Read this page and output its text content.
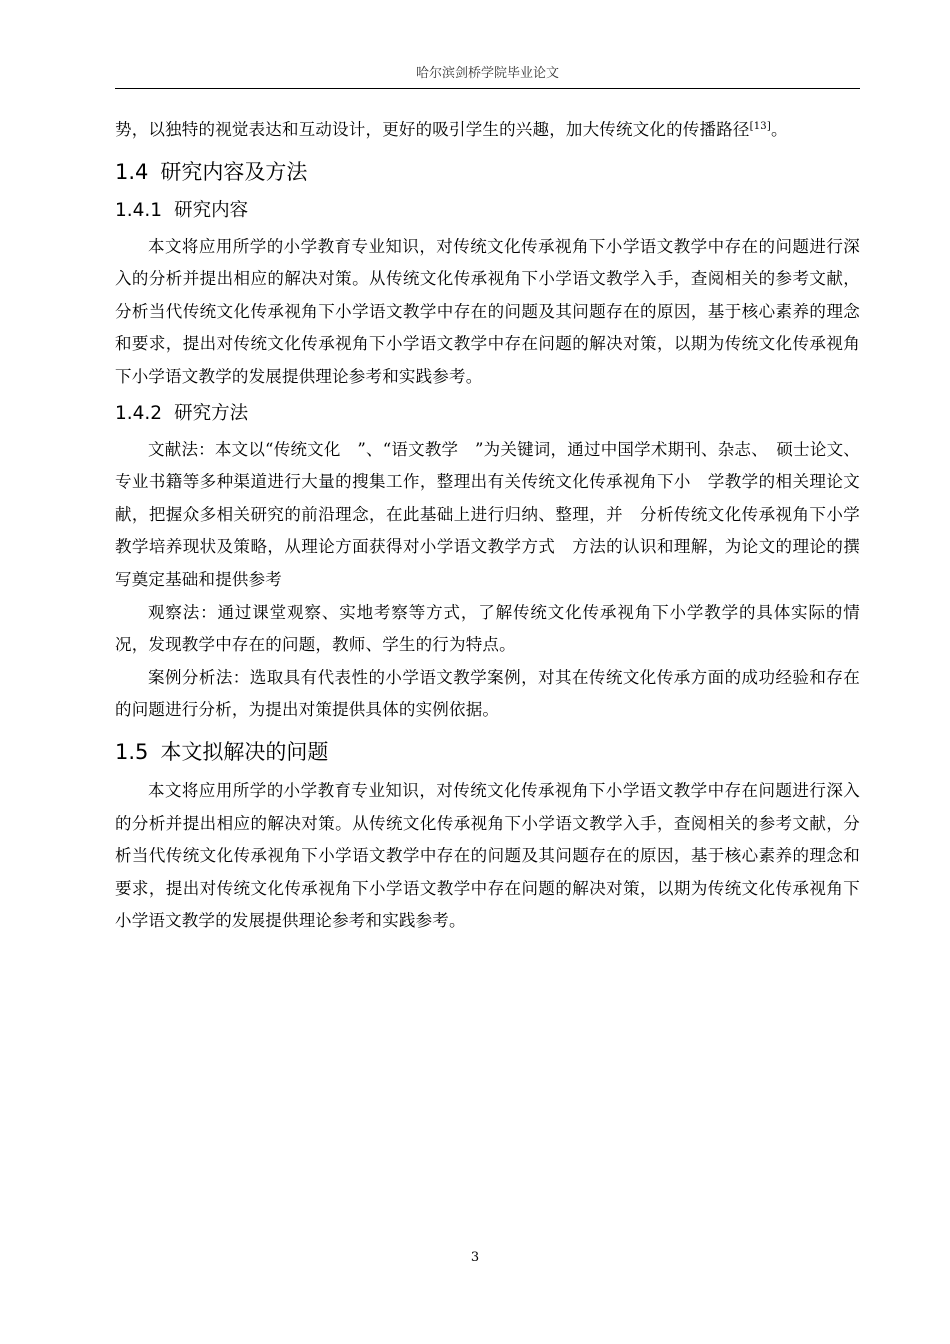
哈尔滨剑桥学院毕业论文

势，以独特的视觉表达和互动设计，更好的吸引学生的兴趣，加大传统文化的传播路径[13]。

1.4 研究内容及方法
1.4.1 研究内容

本文将应用所学的小学教育专业知识，对传统文化传承视角下小学语文教学中存在的问题进行深入的分析并提出相应的解决对策。从传统文化传承视角下小学语文教学入手，查阅相关的参考文献，分析当代传统文化传承视角下小学语文教学中存在的问题及其问题存在的原因，基于核心素养的理念和要求，提出对传统文化传承视角下小学语文教学中存在问题的解决对策，以期为传统文化传承视角下小学语文教学的发展提供理论参考和实践参考。

1.4.2 研究方法

文献法：本文以“传统文化　”、“语文教学　”为关键词，通过中国学术期刊、杂志、　硕士论文、专业书籍等多种渠道进行大量的搜集工作，整理出有关传统文化传承视角下小　学教学的相关理论文献，把握众多相关研究的前沿理念，在此基础上进行归纳、整理，并　分析传统文化传承视角下小学教学培养现状及策略，从理论方面获得对小学语文教学方式　方法的认识和理解，为论文的理论的撰写奠定基础和提供参考

观察法：通过课堂观察、实地考察等方式，了解传统文化传承视角下小学教学的具体实际的情况，发现教学中存在的问题，教师、学生的行为特点。

案例分析法：选取具有代表性的小学语文教学案例，对其在传统文化传承方面的成功经验和存在的问题进行分析，为提出对策提供具体的实例依据。

1.5 本文拟解决的问题

本文将应用所学的小学教育专业知识，对传统文化传承视角下小学语文教学中存在问题进行深入的分析并提出相应的解决对策。从传统文化传承视角下小学语文教学入手，查阅相关的参考文献，分析当代传统文化传承视角下小学语文教学中存在的问题及其问题存在的原因，基于核心素养的理念和要求，提出对传统文化传承视角下小学语文教学中存在问题的解决对策，以期为传统文化传承视角下小学语文教学的发展提供理论参考和实践参考。

3
